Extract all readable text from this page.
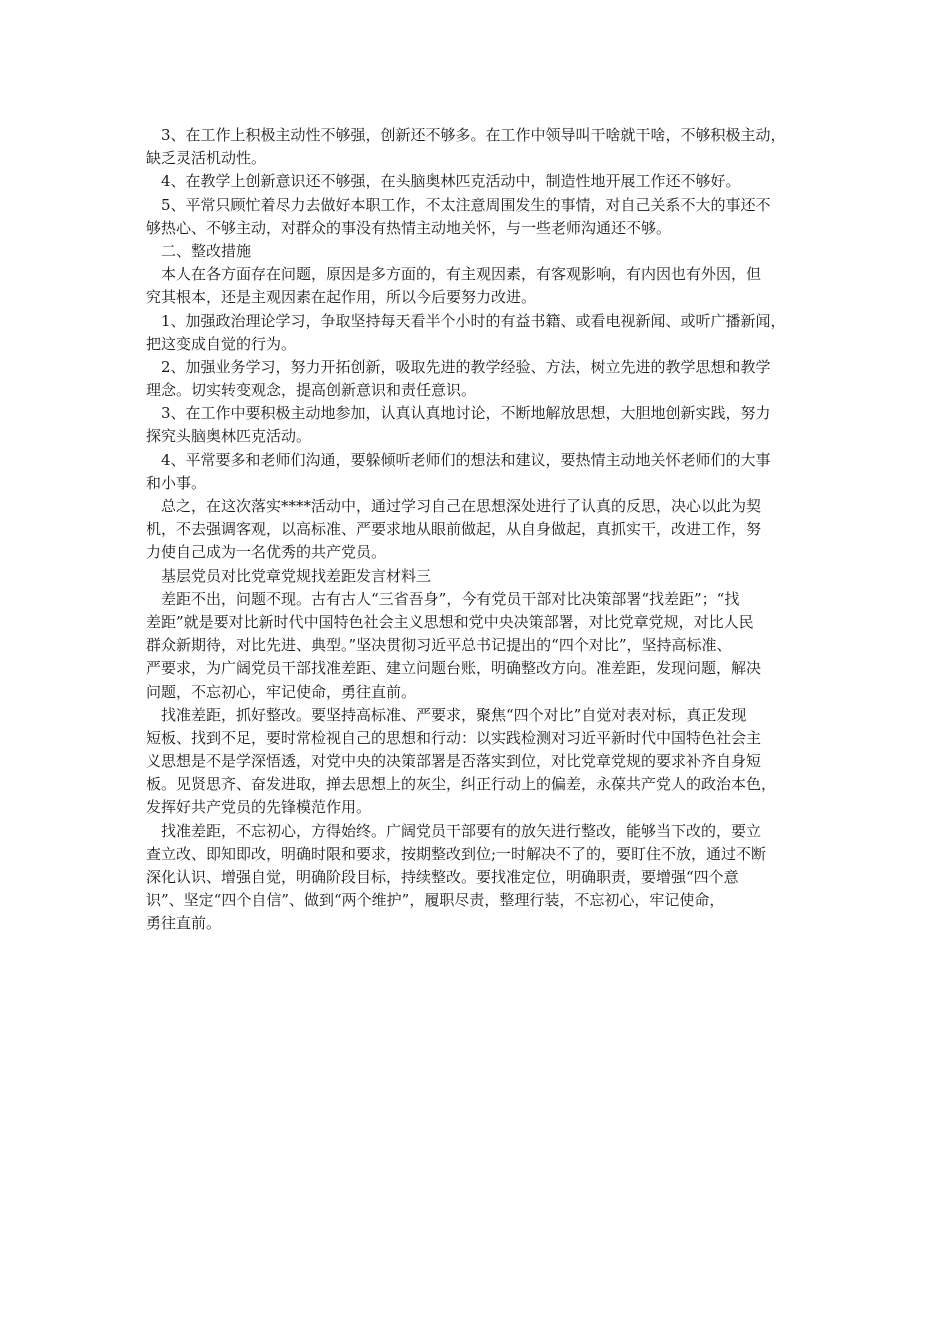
　3、在工作上积极主动性不够强，创新还不够多。在工作中领导叫干啥就干啥，不够积极主动，
缺乏灵活机动性。
　4、在教学上创新意识还不够强，在头脑奥林匹克活动中，制造性地开展工作还不够好。
　5、平常只顾忙着尽力去做好本职工作，不太注意周围发生的事情，对自己关系不大的事还不
够热心、不够主动，对群众的事没有热情主动地关怀，与一些老师沟通还不够。
　二、整改措施
　本人在各方面存在问题，原因是多方面的，有主观因素，有客观影响，有内因也有外因，但
究其根本，还是主观因素在起作用，所以今后要努力改进。
　1、加强政治理论学习，争取坚持每天看半个小时的有益书籍、或看电视新闻、或听广播新闻，
把这变成自觉的行为。
　2、加强业务学习，努力开拓创新，吸取先进的教学经验、方法，树立先进的教学思想和教学
理念。切实转变观念，提高创新意识和责任意识。
　3、在工作中要积极主动地参加，认真认真地讨论，不断地解放思想，大胆地创新实践，努力
探究头脑奥林匹克活动。
　4、平常要多和老师们沟通，要躲倾听老师们的想法和建议，要热情主动地关怀老师们的大事
和小事。
　总之，在这次落实****活动中，通过学习自己在思想深处进行了认真的反思，决心以此为契
机，不去强调客观，以高标准、严要求地从眼前做起，从自身做起，真抓实干，改进工作，努
力使自己成为一名优秀的共产党员。
　基层党员对比党章党规找差距发言材料三
　差距不出，问题不现。古有古人“三省吾身”，今有党员干部对比决策部署“找差距”；“找
差距”就是要对比新时代中国特色社会主义思想和党中央决策部署，对比党章党规，对比人民
群众新期待，对比先进、典型。”坚决贯彻习近平总书记提出的“四个对比”，坚持高标准、
严要求，为广阔党员干部找准差距、建立问题台账，明确整改方向。准差距，发现问题，解决
问题，不忘初心，牢记使命，勇往直前。
　找准差距，抓好整改。要坚持高标准、严要求，聚焦“四个对比”自觉对表对标，真正发现
短板、找到不足，要时常检视自己的思想和行动：以实践检测对习近平新时代中国特色社会主
义思想是不是学深悟透，对党中央的决策部署是否落实到位，对比党章党规的要求补齐自身短
板。见贤思齐、奋发进取，掸去思想上的灰尘，纠正行动上的偏差，永葆共产党人的政治本色，
发挥好共产党员的先锋模范作用。
　找准差距，不忘初心，方得始终。广阔党员干部要有的放矢进行整改，能够当下改的，要立
查立改、即知即改，明确时限和要求，按期整改到位;一时解决不了的，要盯住不放，通过不断
深化认识、增强自觉，明确阶段目标，持续整改。要找准定位，明确职责，要增强“四个意
识”、坚定“四个自信”、做到“两个维护”，履职尽责，整理行装，不忘初心，牢记使命，
勇往直前。
